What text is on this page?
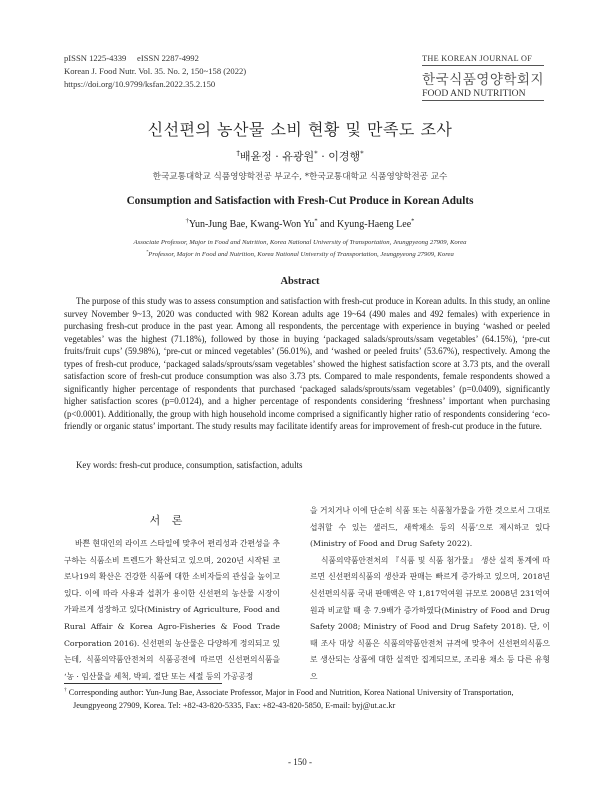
pISSN 1225-4339     eISSN 2287-4992
Korean J. Food Nutr. Vol. 35. No. 2, 150~158 (2022)
https://doi.org/10.9799/ksfan.2022.35.2.150
THE KOREAN JOURNAL OF
한국식품영양학회지
FOOD AND NUTRITION
신선편의 농산물 소비 현황 및 만족도 조사
†배윤정 · 유광원* · 이경행*
한국교통대학교 식품영양학전공 부교수, *한국교통대학교 식품영양학전공 교수
Consumption and Satisfaction with Fresh-Cut Produce in Korean Adults
†Yun-Jung Bae, Kwang-Won Yu* and Kyung-Haeng Lee*
Associate Professor, Major in Food and Nutrition, Korea National University of Transportation, Jeungpyeong 27909, Korea
*Professor, Major in Food and Nutrition, Korea National University of Transportation, Jeungpyeong 27909, Korea
Abstract
The purpose of this study was to assess consumption and satisfaction with fresh-cut produce in Korean adults. In this study, an online survey November 9~13, 2020 was conducted with 982 Korean adults age 19~64 (490 males and 492 females) with experience in purchasing fresh-cut produce in the past year. Among all respondents, the percentage with experience in buying ‘washed or peeled vegetables’ was the highest (71.18%), followed by those in buying ‘packaged salads/sprouts/ssam vegetables’ (64.15%), ‘pre-cut fruits/fruit cups’ (59.98%), ‘pre-cut or minced vegetables’ (56.01%), and ‘washed or peeled fruits’ (53.67%), respectively. Among the types of fresh-cut produce, ‘packaged salads/sprouts/ssam vegetables’ showed the highest satisfaction score at 3.73 pts, and the overall satisfaction score of fresh-cut produce consumption was also 3.73 pts. Compared to male respondents, female respondents showed a significantly higher percentage of respondents that purchased ‘packaged salads/sprouts/ssam vegetables’ (p=0.0409), significantly higher satisfaction scores (p=0.0124), and a higher percentage of respondents considering ‘freshness’ important when purchasing (p<0.0001). Additionally, the group with high household income comprised a significantly higher ratio of respondents considering ‘eco-friendly or organic status’ important. The study results may facilitate identify areas for improvement of fresh-cut produce in the future.
Key words: fresh-cut produce, consumption, satisfaction, adults
서 론
바쁜 현대인의 라이프 스타일에 맞추어 편리성과 간편성을 추구하는 식품소비 트렌드가 확산되고 있으며, 2020년 시작된 코로나19의 확산은 건강한 식품에 대한 소비자들의 관심을 높이고 있다. 이에 따라 사용과 섭취가 용이한 신선편의 농산물 시장이 가파르게 성장하고 있다(Ministry of Agriculture, Food and Rural Affair & Korea Agro-Fisheries & Food Trade Corporation 2016). 신선편의 농산물은 다양하게 정의되고 있는데, 식품의약품안전처의 식품공전에 따르면 신선편의식품을 ‘농 · 임산물을 세척, 박피, 절단 또는 세절 등의 가공공정

을 거치거나 이에 단순히 식품 또는 식품첨가물을 가한 것으로서 그대로 섭취할 수 있는 샐러드, 새싹채소 등의 식품’으로 제시하고 있다(Ministry of Food and Drug Safety 2022).

식품의약품안전처의 『식품 및 식품 첨가물』 생산 실적 통계에 따르면 신선편의식품의 생산과 판매는 빠르게 증가하고 있으며, 2018년 신선편의식품 국내 판매액은 약 1,817억여원 규모로 2008년 231억여원과 비교할 때 총 7.9배가 증가하였다(Ministry of Food and Drug Safety 2008; Ministry of Food and Drug Safety 2018). 단, 이 때 조사 대상 식품은 식품의약품안전처 규격에 맞추어 신선편의식품으로 생산되는 상품에 대한 실적만 집계되므로, 조리용 채소 등 다른 유형으

† Corresponding author: Yun-Jung Bae, Associate Professor, Major in Food and Nutrition, Korea National University of Transportation,
Jeungpyeong 27909, Korea. Tel: +82-43-820-5335, Fax: +82-43-820-5850, E-mail: byj@ut.ac.kr
- 150 -
